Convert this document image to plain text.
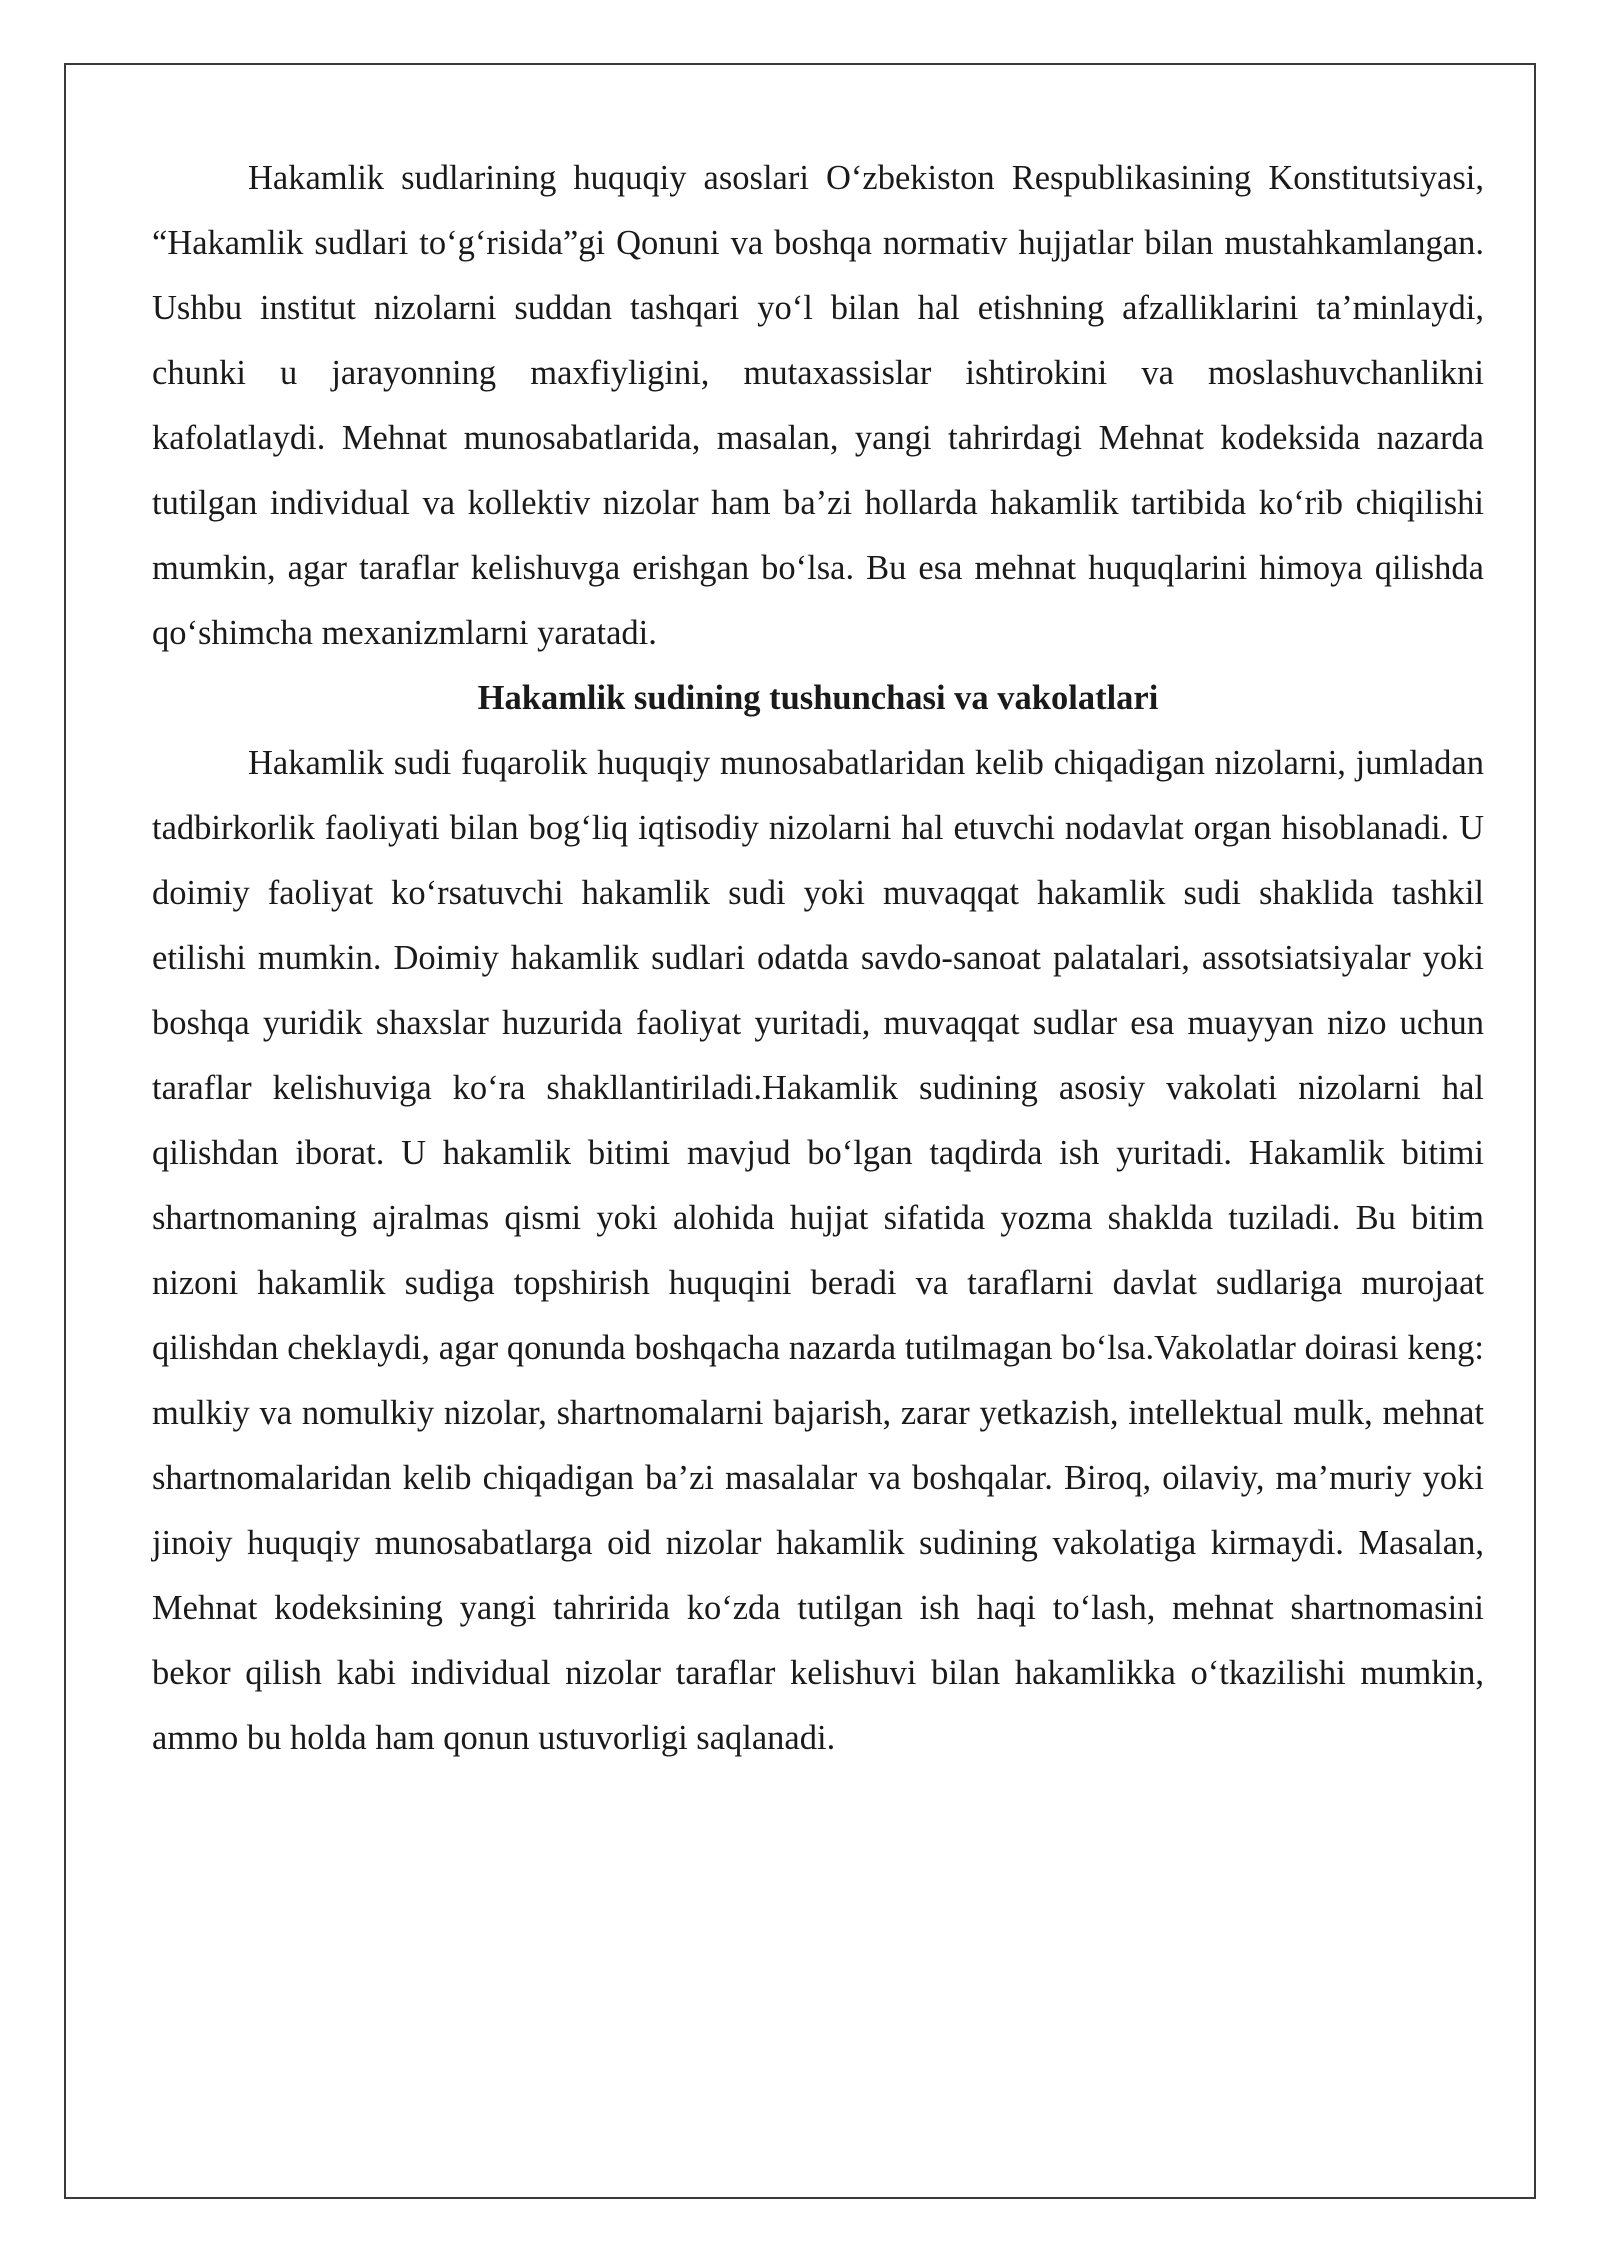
Hakamlik sudlarining huquqiy asoslari O‘zbekiston Respublikasining Konstitutsiyasi, “Hakamlik sudlari to‘g‘risida”gi Qonuni va boshqa normativ hujjatlar bilan mustahkamlangan. Ushbu institut nizolarni suddan tashqari yo‘l bilan hal etishning afzalliklarini ta’minlaydi, chunki u jarayonning maxfiyligini, mutaxassislar ishtirokini va moslashuvchanlikni kafolatlaydi. Mehnat munosabatlarida, masalan, yangi tahrirdagi Mehnat kodeksida nazarda tutilgan individual va kollektiv nizolar ham ba’zi hollarda hakamlik tartibida ko‘rib chiqilishi mumkin, agar taraflar kelishuvga erishgan bo‘lsa. Bu esa mehnat huquqlarini himoya qilishda qo‘shimcha mexanizmlarni yaratadi.

Hakamlik sudining tushunchasi va vakolatlari

Hakamlik sudi fuqarolik huquqiy munosabatlaridan kelib chiqadigan nizolarni, jumladan tadbirkorlik faoliyati bilan bog‘liq iqtisodiy nizolarni hal etuvchi nodavlat organ hisoblanadi. U doimiy faoliyat ko‘rsatuvchi hakamlik sudi yoki muvaqqat hakamlik sudi shaklida tashkil etilishi mumkin. Doimiy hakamlik sudlari odatda savdo-sanoat palatalari, assotsiatsiyalar yoki boshqa yuridik shaxslar huzurida faoliyat yuritadi, muvaqqat sudlar esa muayyan nizo uchun taraflar kelishuviga ko‘ra shakllantiriladi.Hakamlik sudining asosiy vakolati nizolarni hal qilishdan iborat. U hakamlik bitimi mavjud bo‘lgan taqdirda ish yuritadi. Hakamlik bitimi shartnomaning ajralmas qismi yoki alohida hujjat sifatida yozma shaklda tuziladi. Bu bitim nizoni hakamlik sudiga topshirish huquqini beradi va taraflarni davlat sudlariga murojaat qilishdan cheklaydi, agar qonunda boshqacha nazarda tutilmagan bo‘lsa.Vakolatlar doirasi keng: mulkiy va nomulkiy nizolar, shartnomalarni bajarish, zarar yetkazish, intellektual mulk, mehnat shartnomalaridan kelib chiqadigan ba’zi masalalar va boshqalar. Biroq, oilaviy, ma’muriy yoki jinoiy huquqiy munosabatlarga oid nizolar hakamlik sudining vakolatiga kirmaydi. Masalan, Mehnat kodeksining yangi tahririda ko‘zda tutilgan ish haqi to‘lash, mehnat shartnomasini bekor qilish kabi individual nizolar taraflar kelishuvi bilan hakamlikka o‘tkazilishi mumkin, ammo bu holda ham qonun ustuvorligi saqlanadi.
